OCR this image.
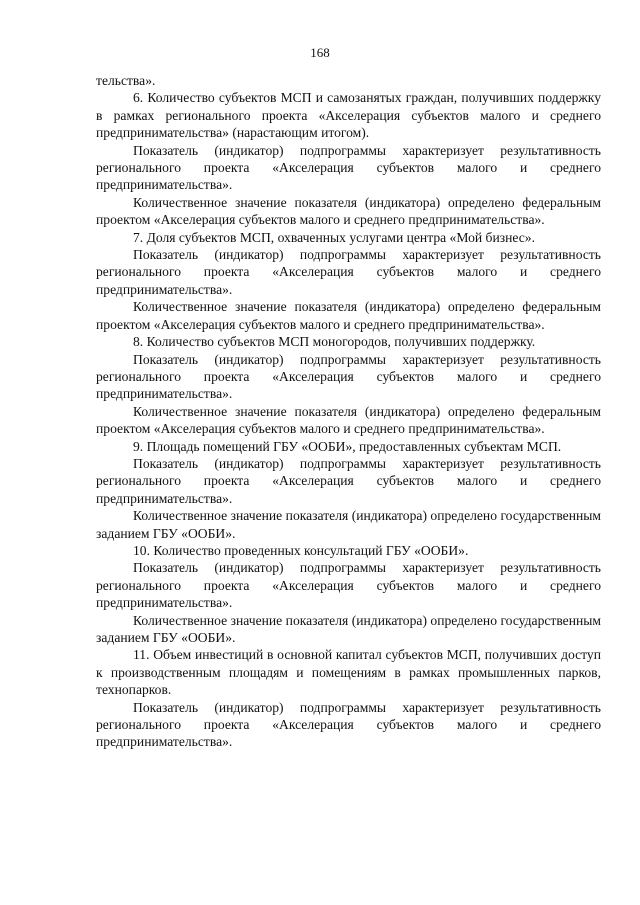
168

тельства».

6. Количество субъектов МСП и самозанятых граждан, получивших поддержку в рамках регионального проекта «Акселерация субъектов малого и среднего предпринимательства» (нарастающим итогом).

Показатель (индикатор) подпрограммы характеризует результативность регионального проекта «Акселерация субъектов малого и среднего предпринимательства».

Количественное значение показателя (индикатора) определено федеральным проектом «Акселерация субъектов малого и среднего предпринимательства».

7. Доля субъектов МСП, охваченных услугами центра «Мой бизнес».

Показатель (индикатор) подпрограммы характеризует результативность регионального проекта «Акселерация субъектов малого и среднего предпринимательства».

Количественное значение показателя (индикатора) определено федеральным проектом «Акселерация субъектов малого и среднего предпринимательства».

8. Количество субъектов МСП моногородов, получивших поддержку.

Показатель (индикатор) подпрограммы характеризует результативность регионального проекта «Акселерация субъектов малого и среднего предпринимательства».

Количественное значение показателя (индикатора) определено федеральным проектом «Акселерация субъектов малого и среднего предпринимательства».

9. Площадь помещений ГБУ «ООБИ», предоставленных субъектам МСП.

Показатель (индикатор) подпрограммы характеризует результативность регионального проекта «Акселерация субъектов малого и среднего предпринимательства».

Количественное значение показателя (индикатора) определено государственным заданием ГБУ «ООБИ».

10. Количество проведенных консультаций ГБУ «ООБИ».

Показатель (индикатор) подпрограммы характеризует результативность регионального проекта «Акселерация субъектов малого и среднего предпринимательства».

Количественное значение показателя (индикатора) определено государственным заданием ГБУ «ООБИ».

11. Объем инвестиций в основной капитал субъектов МСП, получивших доступ к производственным площадям и помещениям в рамках промышленных парков, технопарков.

Показатель (индикатор) подпрограммы характеризует результативность регионального проекта «Акселерация субъектов малого и среднего предпринимательства».
